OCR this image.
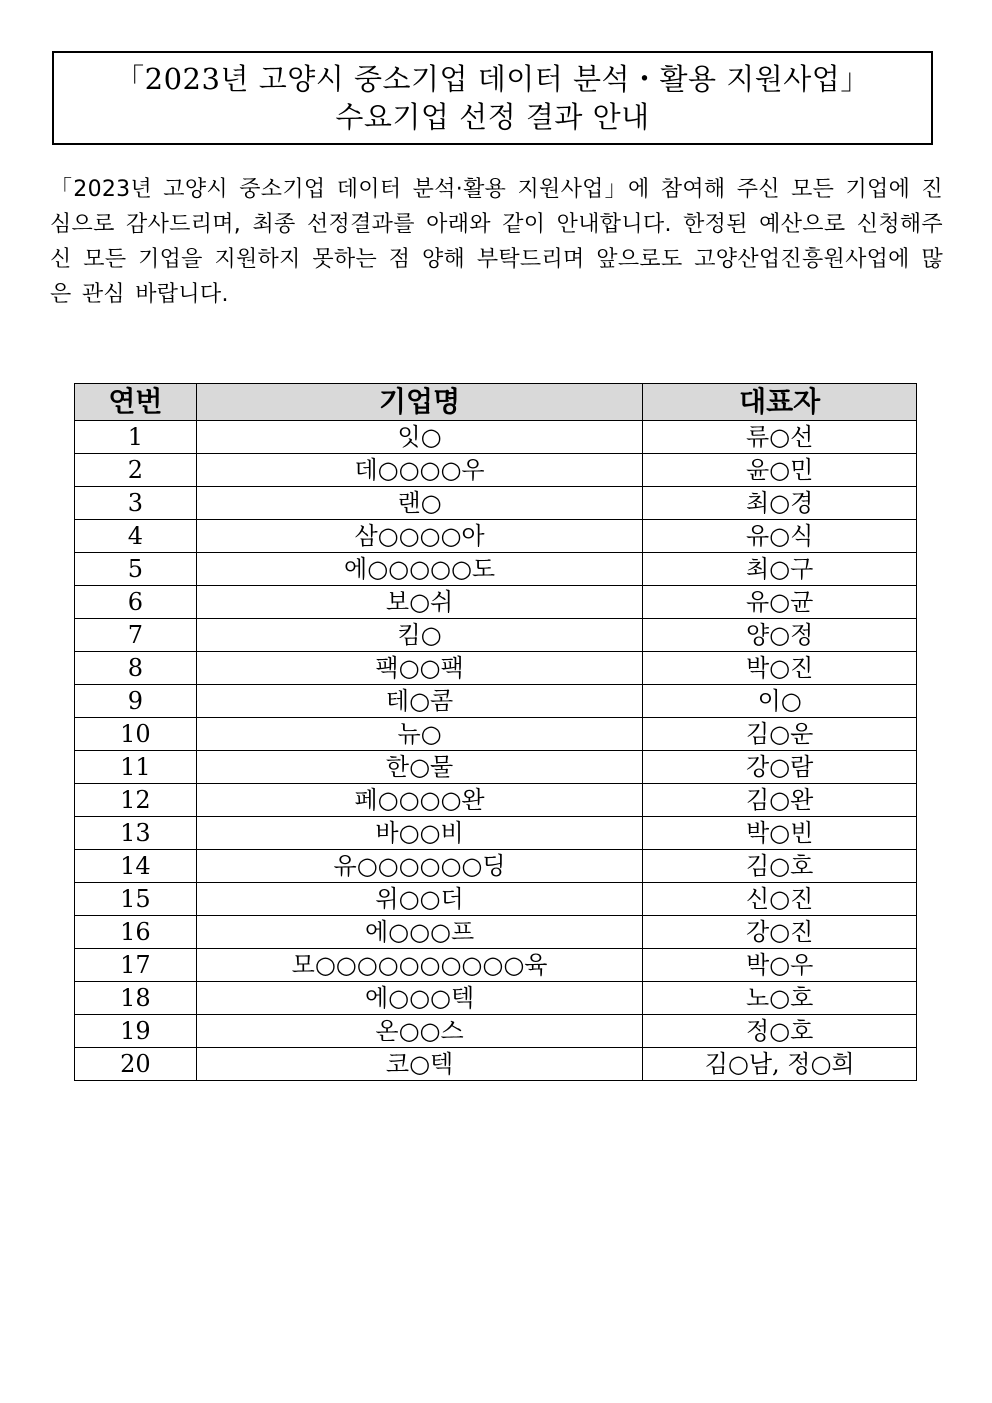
「2023년 고양시 중소기업 데이터 분석・활용 지원사업」
수요기업 선정 결과 안내
「2023년 고양시 중소기업 데이터 분석·활용 지원사업」에 참여해 주신 모든 기업에 진심으로 감사드리며, 최종 선정결과를 아래와 같이 안내합니다. 한정된 예산으로 신청해주신 모든 기업을 지원하지 못하는 점 양해 부탁드리며 앞으로도 고양산업진흥원사업에 많은 관심 바랍니다.
연번	기업명	대표자
1	잇○	류○선
2	데○○○○우	윤○민
3	랜○	최○경
4	삼○○○○아	유○식
5	에○○○○○도	최○구
6	보○쉬	유○균
7	킴○	양○정
8	팩○○팩	박○진
9	테○콤	이○
10	뉴○	김○운
11	한○물	강○람
12	페○○○○완	김○완
13	바○○비	박○빈
14	유○○○○○○딩	김○호
15	위○○더	신○진
16	에○○○프	강○진
17	모○○○○○○○○○○육	박○우
18	에○○○텍	노○호
19	온○○스	정○호
20	코○텍	김○남, 정○희
